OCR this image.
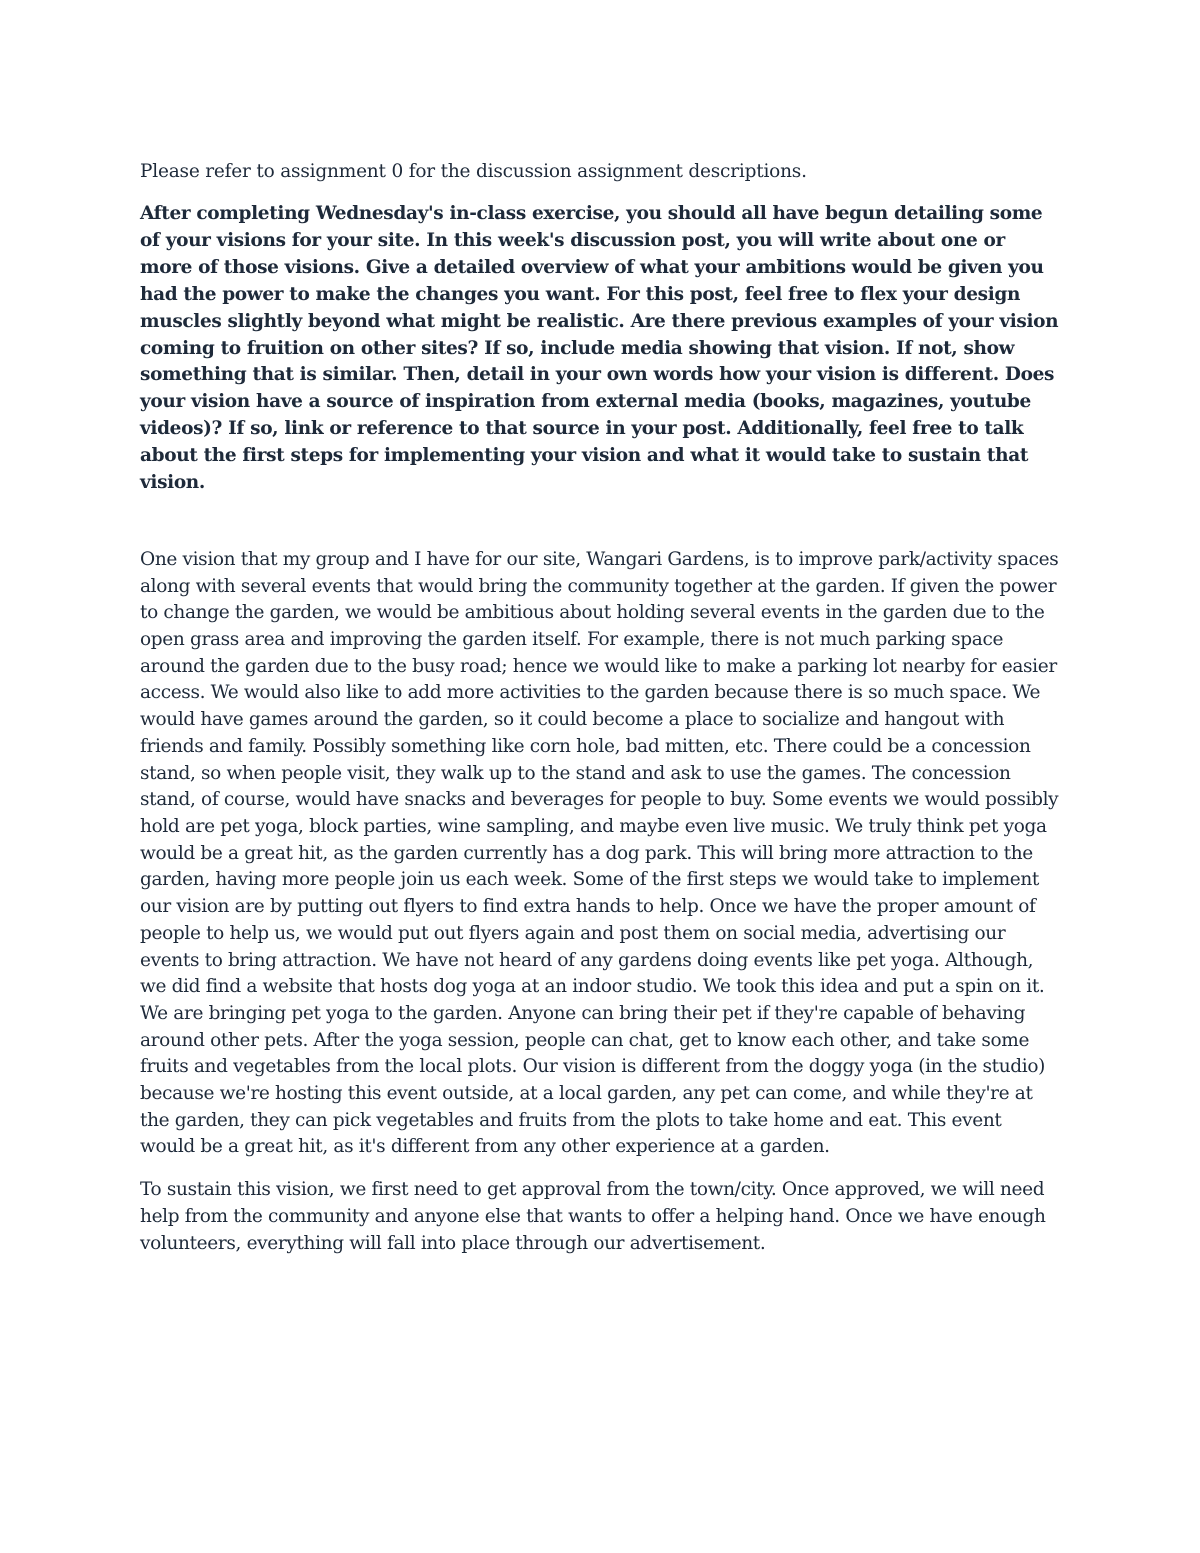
Please refer to assignment 0 for the discussion assignment descriptions.

After completing Wednesday's in-class exercise, you should all have begun detailing some of your visions for your site. In this week's discussion post, you will write about one or more of those visions. Give a detailed overview of what your ambitions would be given you had the power to make the changes you want. For this post, feel free to flex your design muscles slightly beyond what might be realistic. Are there previous examples of your vision coming to fruition on other sites? If so, include media showing that vision. If not, show something that is similar. Then, detail in your own words how your vision is different. Does your vision have a source of inspiration from external media (books, magazines, youtube videos)? If so, link or reference to that source in your post. Additionally, feel free to talk about the first steps for implementing your vision and what it would take to sustain that vision.

One vision that my group and I have for our site, Wangari Gardens, is to improve park/activity spaces along with several events that would bring the community together at the garden. If given the power to change the garden, we would be ambitious about holding several events in the garden due to the open grass area and improving the garden itself. For example, there is not much parking space around the garden due to the busy road; hence we would like to make a parking lot nearby for easier access. We would also like to add more activities to the garden because there is so much space. We would have games around the garden, so it could become a place to socialize and hangout with friends and family. Possibly something like corn hole, bad mitten, etc. There could be a concession stand, so when people visit, they walk up to the stand and ask to use the games. The concession stand, of course, would have snacks and beverages for people to buy. Some events we would possibly hold are pet yoga, block parties, wine sampling, and maybe even live music. We truly think pet yoga would be a great hit, as the garden currently has a dog park. This will bring more attraction to the garden, having more people join us each week. Some of the first steps we would take to implement our vision are by putting out flyers to find extra hands to help. Once we have the proper amount of people to help us, we would put out flyers again and post them on social media, advertising our events to bring attraction. We have not heard of any gardens doing events like pet yoga. Although, we did find a website that hosts dog yoga at an indoor studio. We took this idea and put a spin on it. We are bringing pet yoga to the garden. Anyone can bring their pet if they're capable of behaving around other pets. After the yoga session, people can chat, get to know each other, and take some fruits and vegetables from the local plots. Our vision is different from the doggy yoga (in the studio) because we're hosting this event outside, at a local garden, any pet can come, and while they're at the garden, they can pick vegetables and fruits from the plots to take home and eat. This event would be a great hit, as it's different from any other experience at a garden.

To sustain this vision, we first need to get approval from the town/city. Once approved, we will need help from the community and anyone else that wants to offer a helping hand. Once we have enough volunteers, everything will fall into place through our advertisement.
